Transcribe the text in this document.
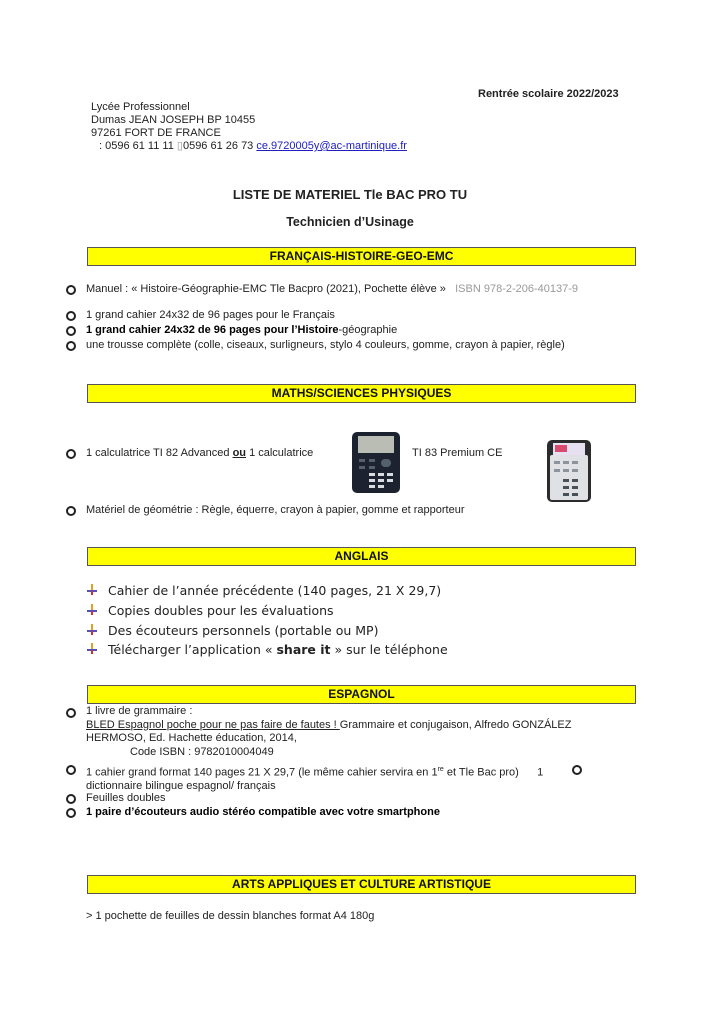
Rentrée scolaire 2022/2023
Lycée Professionnel
Dumas JEAN JOSEPH BP 10455
97261 FORT DE FRANCE
: 0596 61 11 11 ▯0596 61 26 73 ce.9720005y@ac-martinique.fr
LISTE DE MATERIEL Tle BAC PRO TU
Technicien d’Usinage
FRANÇAIS-HISTOIRE-GEO-EMC
Manuel : « Histoire-Géographie-EMC Tle Bacpro (2021), Pochette élève » ISBN 978-2-206-40137-9
1 grand cahier 24x32 de 96 pages pour le Français
1 grand cahier 24x32 de 96 pages pour l’Histoire-géographie
une trousse complète (colle, ciseaux, surligneurs, stylo 4 couleurs, gomme, crayon à papier, règle)
MATHS/SCIENCES PHYSIQUES
1 calculatrice TI 82 Advanced ou 1 calculatrice	TI 83 Premium CE
Matériel de géométrie : Règle, équerre, crayon à papier, gomme et rapporteur
ANGLAIS
Cahier de l’année précédente (140 pages, 21 X 29,7)
Copies doubles pour les évaluations
Des écouteurs personnels (portable ou MP)
Télécharger l’application « share it » sur le téléphone
ESPAGNOL
1 livre de grammaire :
BLED Espagnol poche pour ne pas faire de fautes ! Grammaire et conjugaison, Alfredo GONZÁLEZ
HERMOSO, Ed. Hachette éducation, 2014,
Code ISBN : 9782010004049
1 cahier grand format 140 pages 21 X 29,7 (le même cahier servira en 1re et Tle Bac pro) 1
dictionnaire bilingue espagnol/ français
Feuilles doubles
1 paire d’écouteurs audio stéréo compatible avec votre smartphone
ARTS APPLIQUES ET CULTURE ARTISTIQUE
> 1 pochette de feuilles de dessin blanches format A4 180g
